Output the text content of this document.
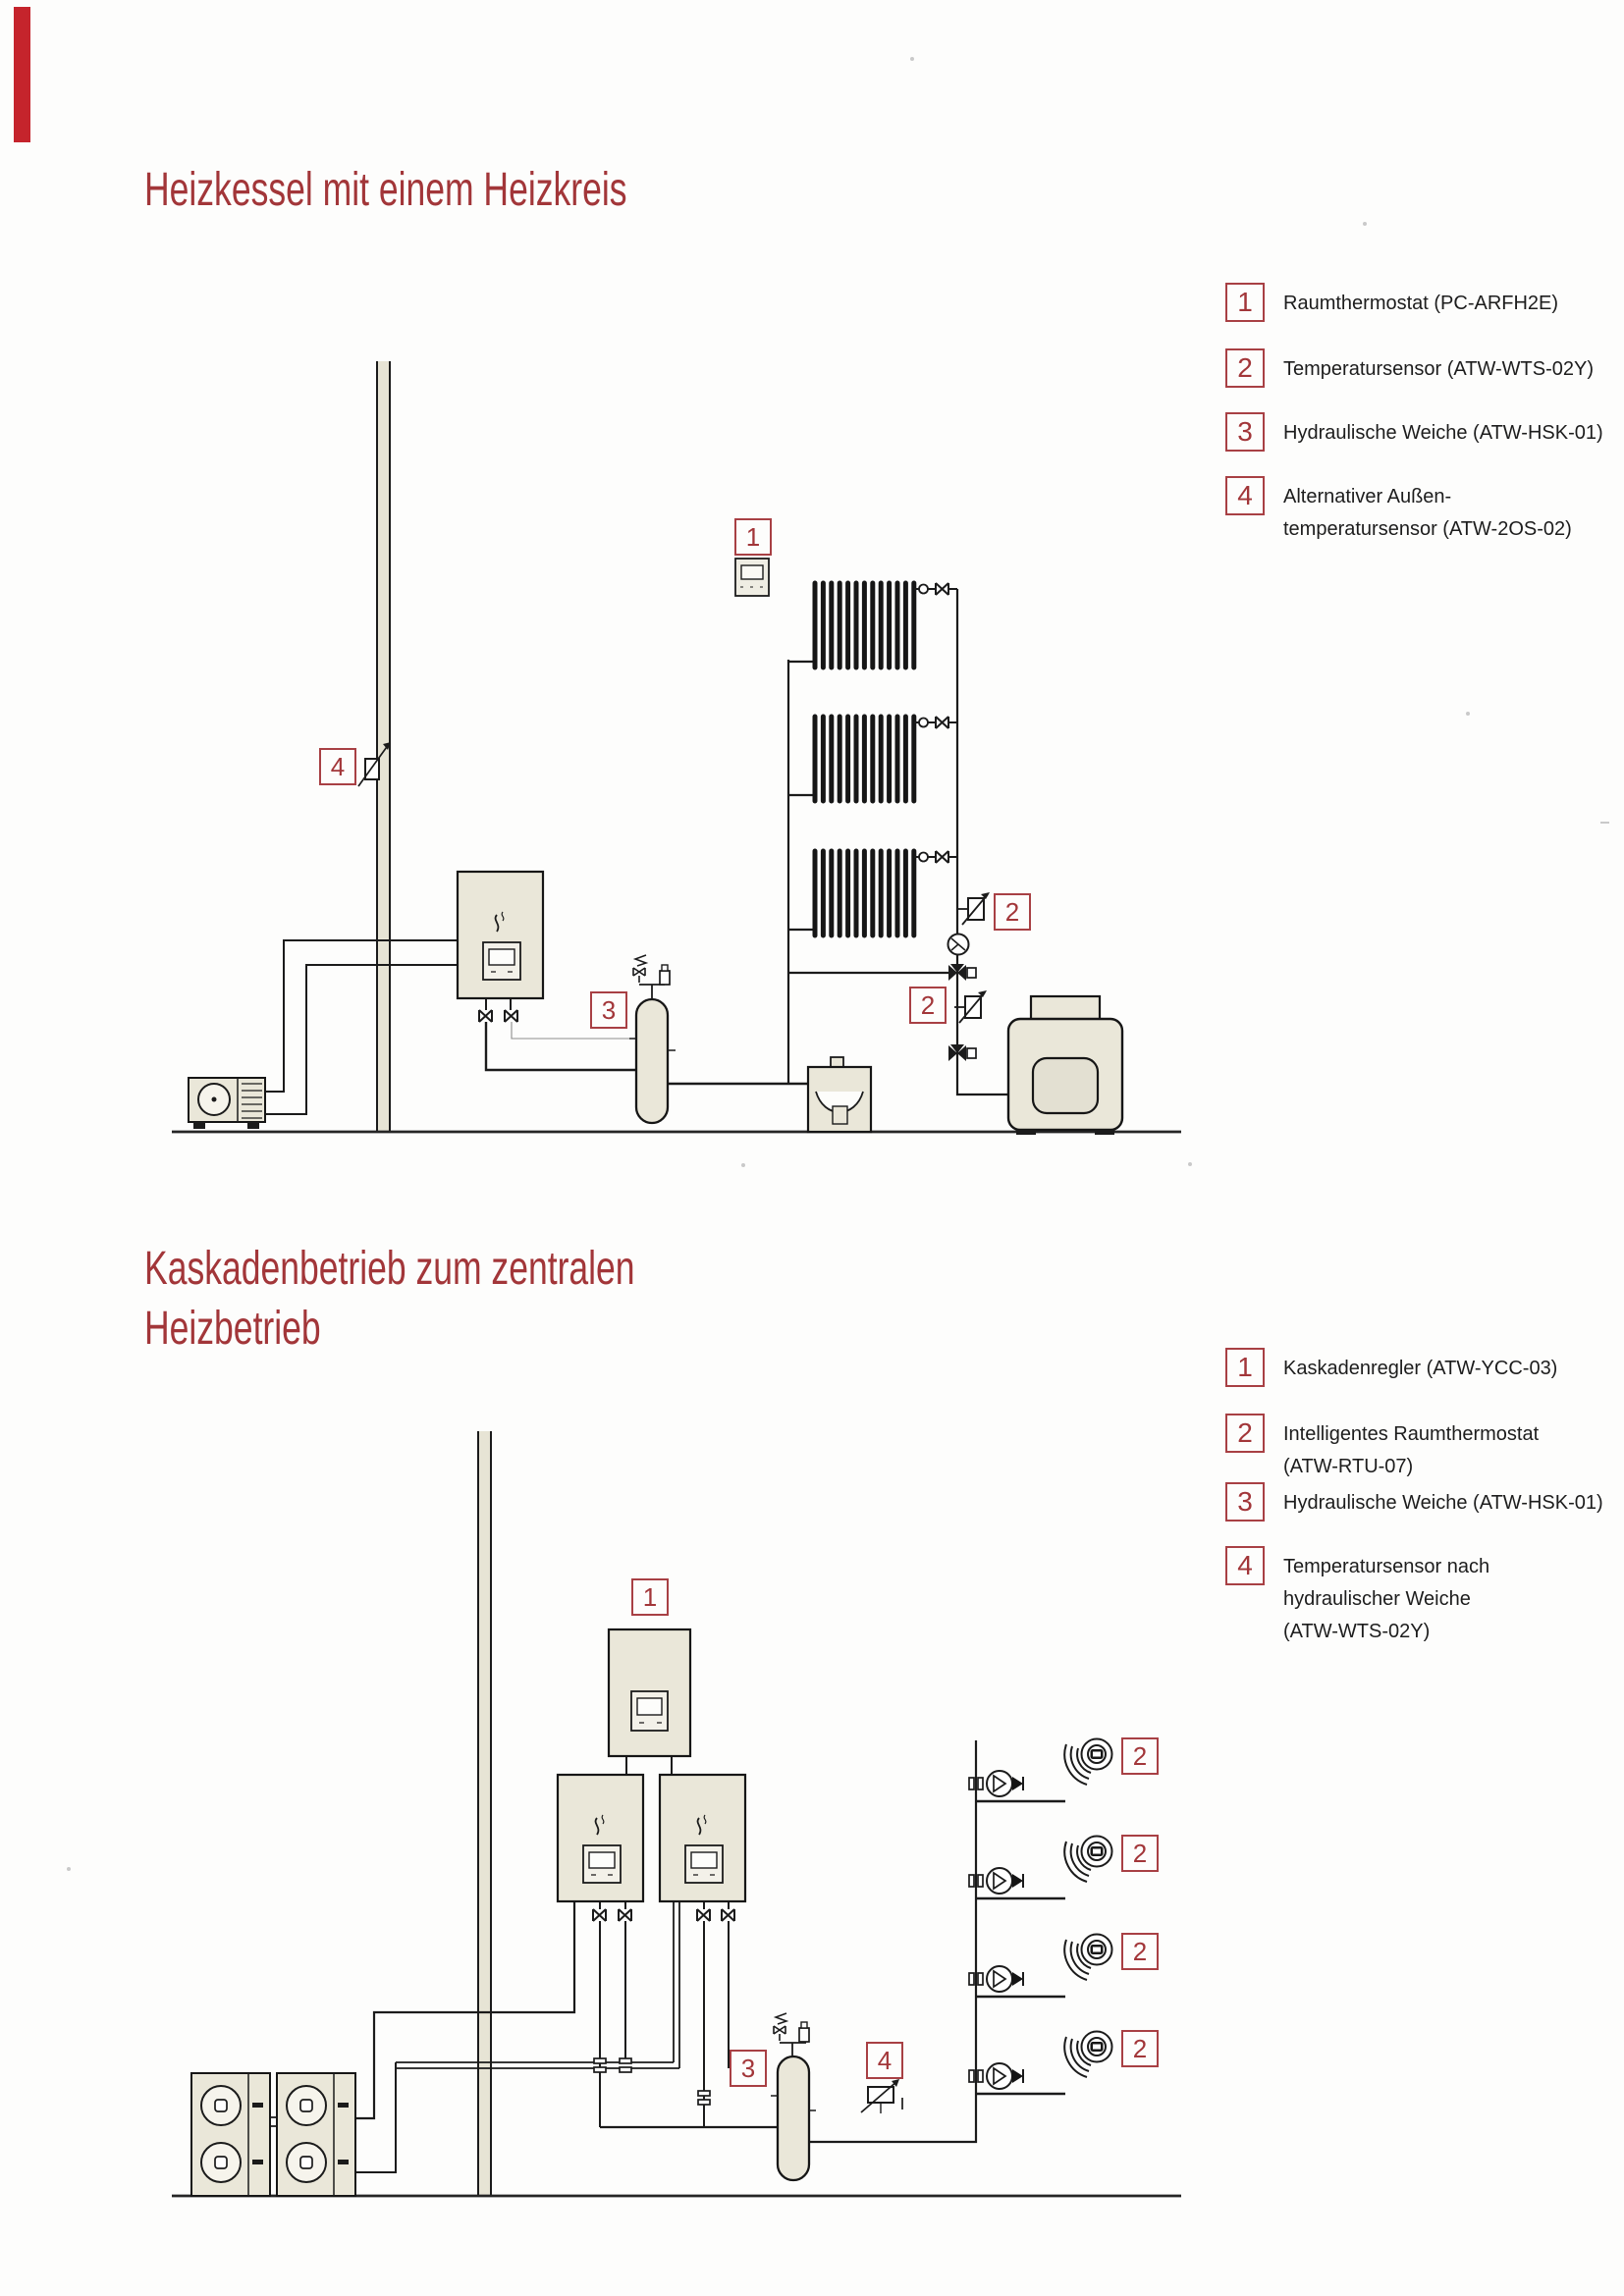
Heizkessel mit einem Heizkreis
Kaskadenbetrieb zum zentralen
Heizbetrieb
1	Raumthermostat (PC-ARFH2E)
2	Temperatursensor (ATW-WTS-02Y)
3	Hydraulische Weiche (ATW-HSK-01)
4	Alternativer Außen-
temperatursensor (ATW-2OS-02)
1	Kaskadenregler (ATW-YCC-03)
2	Intelligentes Raumthermostat
(ATW-RTU-07)
3	Hydraulische Weiche (ATW-HSK-01)
4	Temperatursensor nach
hydraulischer Weiche
(ATW-WTS-02Y)
1
4
3
2
2
1
3	4
2
2
2
2
